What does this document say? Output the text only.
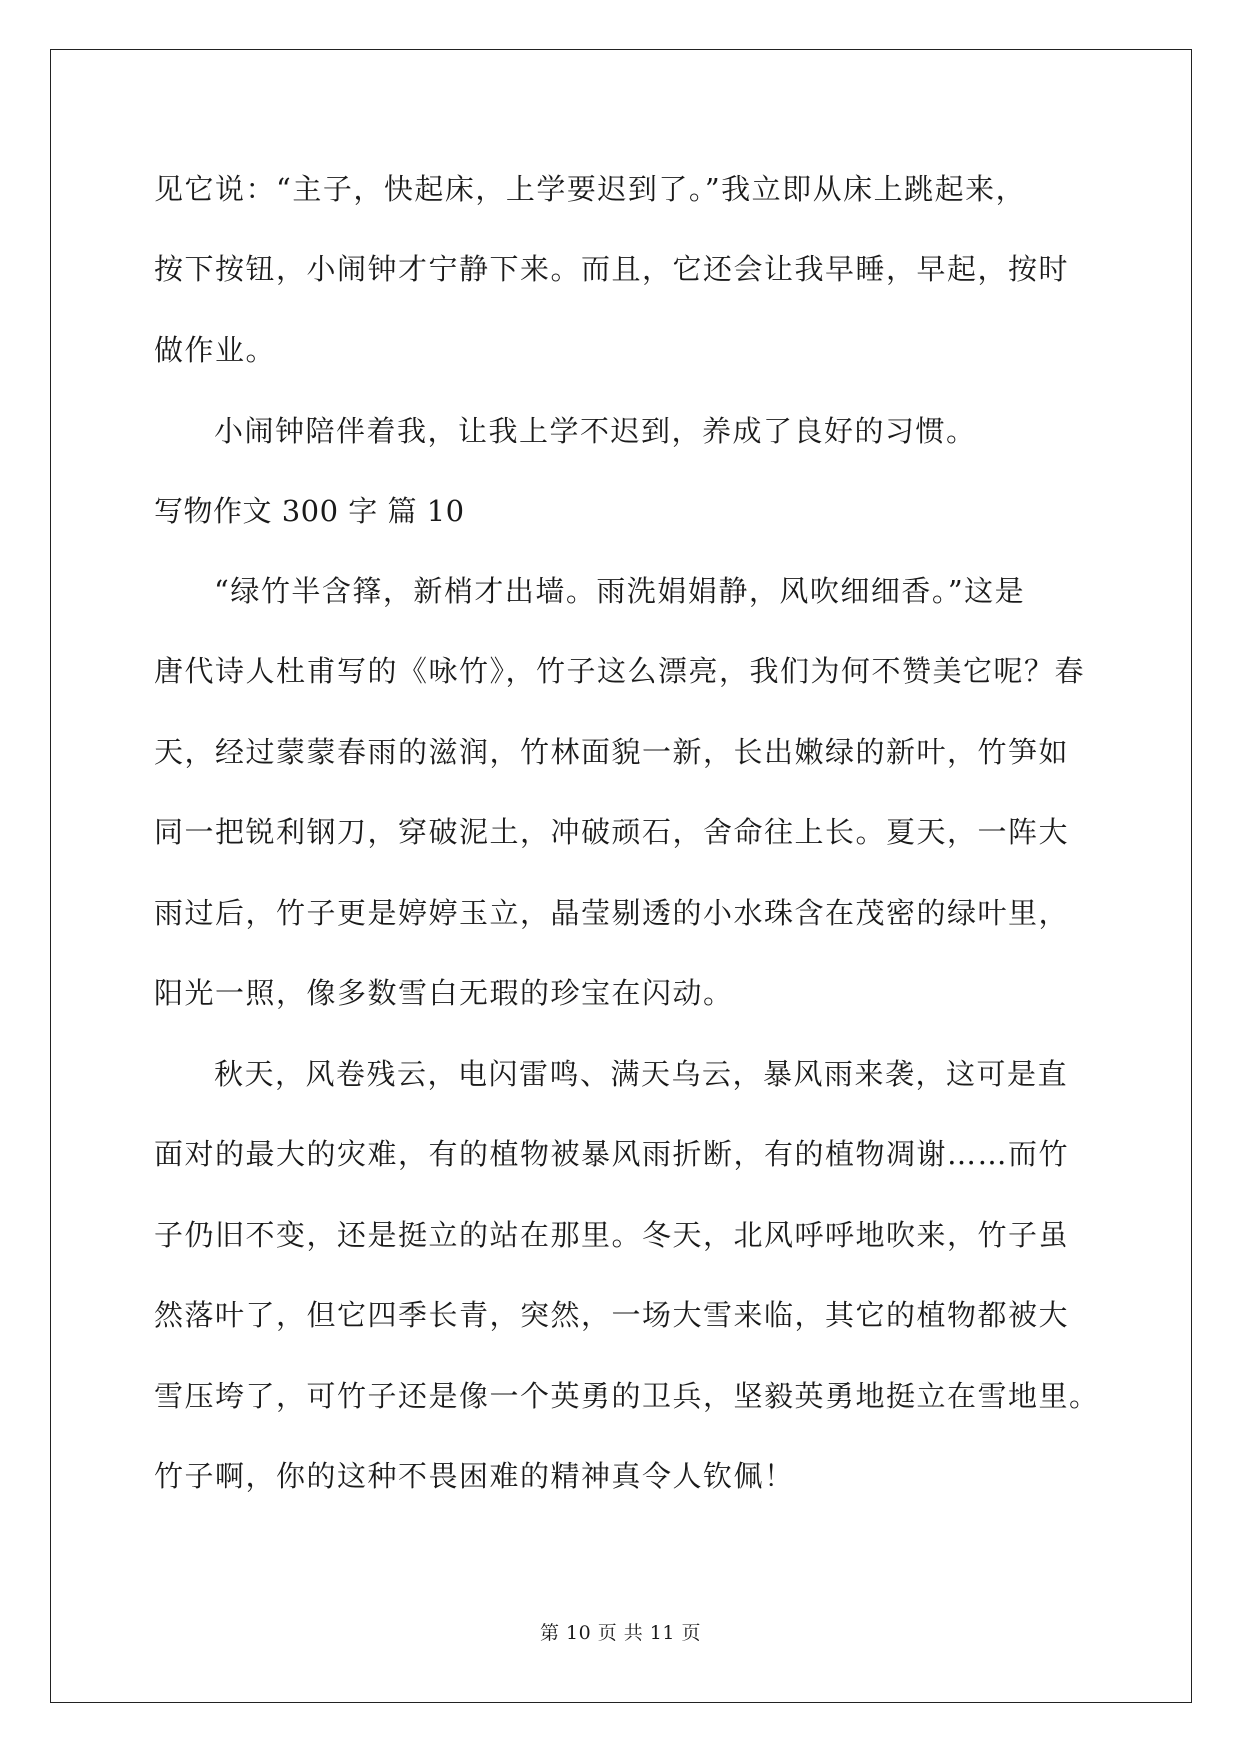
见它说：“主子，快起床，上学要迟到了。”我立即从床上跳起来，
按下按钮，小闹钟才宁静下来。而且，它还会让我早睡，早起，按时
做作业。
小闹钟陪伴着我，让我上学不迟到，养成了良好的习惯。
写物作文 300 字 篇 10
“绿竹半含箨，新梢才出墙。雨洗娟娟静，风吹细细香。”这是
唐代诗人杜甫写的《咏竹》，竹子这么漂亮，我们为何不赞美它呢？春
天，经过蒙蒙春雨的滋润，竹林面貌一新，长出嫩绿的新叶，竹笋如
同一把锐利钢刀，穿破泥土，冲破顽石，舍命往上长。夏天，一阵大
雨过后，竹子更是婷婷玉立，晶莹剔透的小水珠含在茂密的绿叶里，
阳光一照，像多数雪白无瑕的珍宝在闪动。
秋天，风卷残云，电闪雷鸣、满天乌云，暴风雨来袭，这可是直
面对的最大的灾难，有的植物被暴风雨折断，有的植物凋谢……而竹
子仍旧不变，还是挺立的站在那里。冬天，北风呼呼地吹来，竹子虽
然落叶了，但它四季长青，突然，一场大雪来临，其它的植物都被大
雪压垮了，可竹子还是像一个英勇的卫兵，坚毅英勇地挺立在雪地里。
竹子啊，你的这种不畏困难的精神真令人钦佩！
第 10 页 共 11 页
